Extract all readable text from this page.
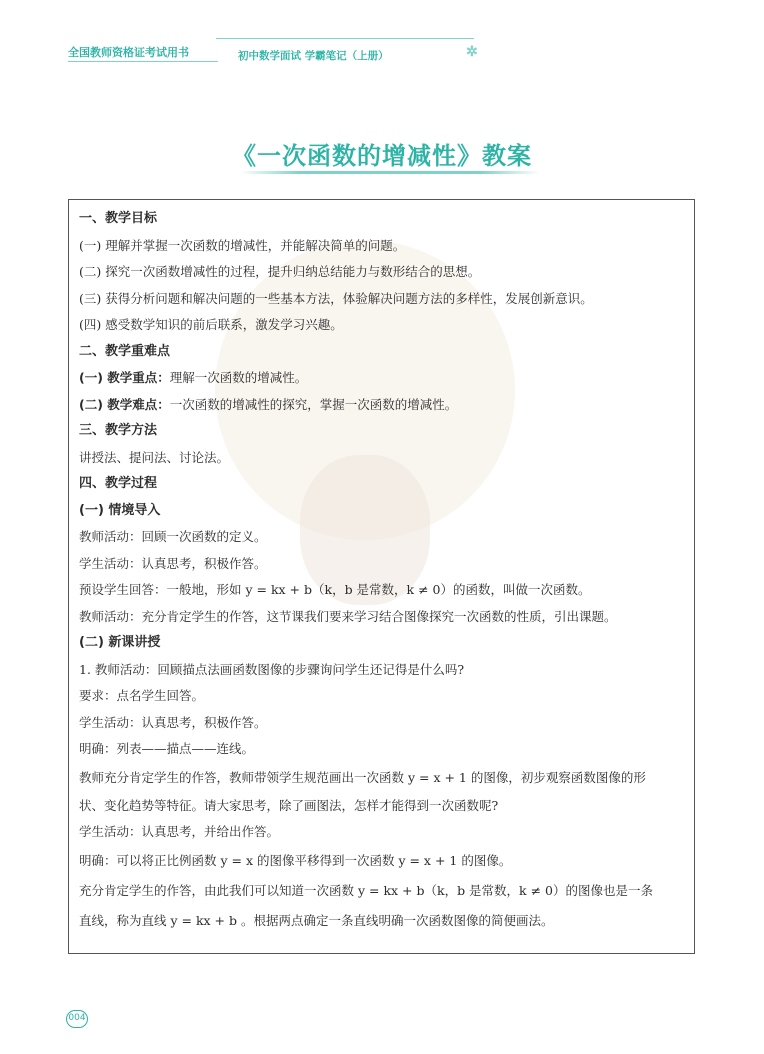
全国教师资格证考试用书	初中数学面试 学霸笔记（上册）	✲
《一次函数的增减性》教案

一、教学目标

(一) 理解并掌握一次函数的增减性，并能解决简单的问题。

(二) 探究一次函数增减性的过程，提升归纳总结能力与数形结合的思想。

(三) 获得分析问题和解决问题的一些基本方法，体验解决问题方法的多样性，发展创新意识。

(四) 感受数学知识的前后联系，激发学习兴趣。

二、教学重难点

(一) 教学重点：理解一次函数的增减性。

(二) 教学难点：一次函数的增减性的探究，掌握一次函数的增减性。

三、教学方法

讲授法、提问法、讨论法。

四、教学过程

(一) 情境导入

教师活动：回顾一次函数的定义。

学生活动：认真思考，积极作答。

预设学生回答：一般地，形如 y = kx + b（k，b 是常数，k ≠ 0）的函数，叫做一次函数。

教师活动：充分肯定学生的作答，这节课我们要来学习结合图像探究一次函数的性质，引出课题。

(二) 新课讲授

1. 教师活动：回顾描点法画函数图像的步骤询问学生还记得是什么吗?

要求：点名学生回答。

学生活动：认真思考，积极作答。

明确：列表——描点——连线。

教师充分肯定学生的作答，教师带领学生规范画出一次函数 y = x + 1 的图像，初步观察函数图像的形

状、变化趋势等特征。请大家思考，除了画图法，怎样才能得到一次函数呢?

学生活动：认真思考，并给出作答。

明确：可以将正比例函数 y = x 的图像平移得到一次函数 y = x + 1 的图像。

充分肯定学生的作答，由此我们可以知道一次函数 y = kx + b（k，b 是常数，k ≠ 0）的图像也是一条

直线，称为直线 y = kx + b 。根据两点确定一条直线明确一次函数图像的简便画法。

004
